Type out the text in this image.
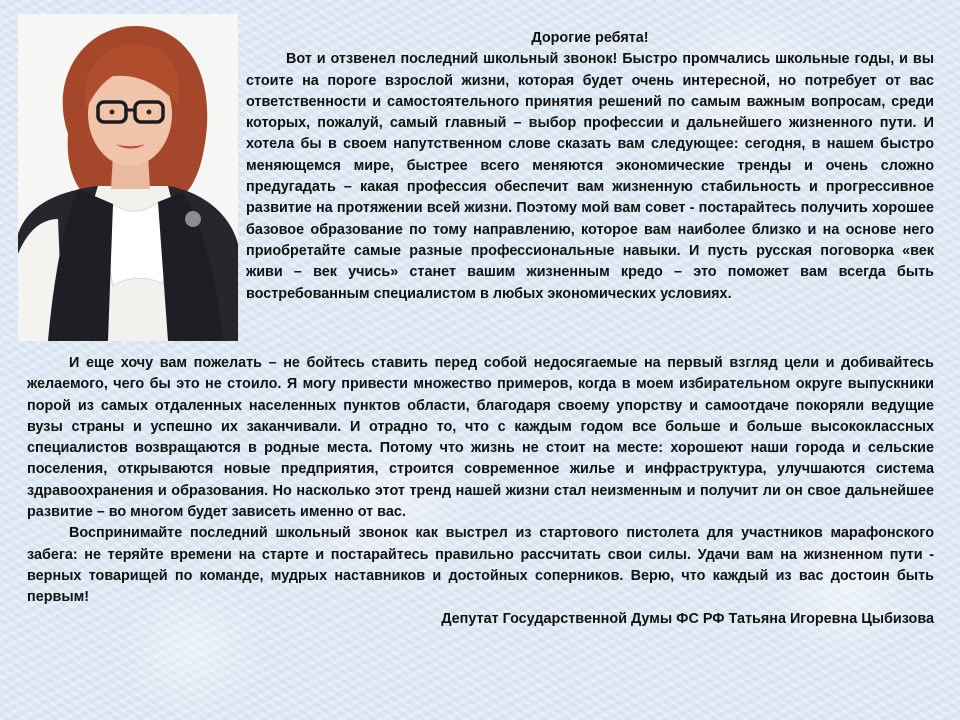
Дорогие ребята!

Вот и отзвенел последний школьный звонок! Быстро промчались школьные годы, и вы стоите на пороге взрослой жизни, которая будет очень интересной, но потребует от вас ответственности и самостоятельного принятия решений по самым важным вопросам, среди которых, пожалуй, самый главный – выбор профессии и дальнейшего жизненного пути. И хотела бы в своем напутственном слове сказать вам следующее: сегодня, в нашем быстро меняющемся мире, быстрее всего меняются экономические тренды и очень сложно предугадать – какая профессия обеспечит вам жизненную стабильность и прогрессивное развитие на протяжении всей жизни. Поэтому мой вам совет - постарайтесь получить хорошее базовое образование по тому направлению, которое вам наиболее близко и на основе него приобретайте самые разные профессиональные навыки. И пусть русская поговорка «век живи – век учись» станет вашим жизненным кредо – это поможет вам всегда быть востребованным специалистом в любых экономических условиях.

И еще хочу вам пожелать – не бойтесь ставить перед собой недосягаемые на первый взгляд цели и добивайтесь желаемого, чего бы это не стоило. Я могу привести множество примеров, когда в моем избирательном округе выпускники порой из самых отдаленных населенных пунктов области, благодаря своему упорству и самоотдаче покоряли ведущие вузы страны и успешно их заканчивали. И отрадно то, что с каждым годом все больше и больше высококлассных специалистов возвращаются в родные места. Потому что жизнь не стоит на месте: хорошеют наши города и сельские поселения, открываются новые предприятия, строится современное жилье и инфраструктура, улучшаются система здравоохранения и образования. Но насколько этот тренд нашей жизни стал неизменным и получит ли он свое дальнейшее развитие – во многом будет зависеть именно от вас.

Воспринимайте последний школьный звонок как выстрел из стартового пистолета для участников марафонского забега: не теряйте времени на старте и постарайтесь правильно рассчитать свои силы. Удачи вам на жизненном пути - верных товарищей по команде, мудрых наставников и достойных соперников. Верю, что каждый из вас достоин быть первым!

Депутат Государственной Думы ФС РФ Татьяна Игоревна Цыбизова
